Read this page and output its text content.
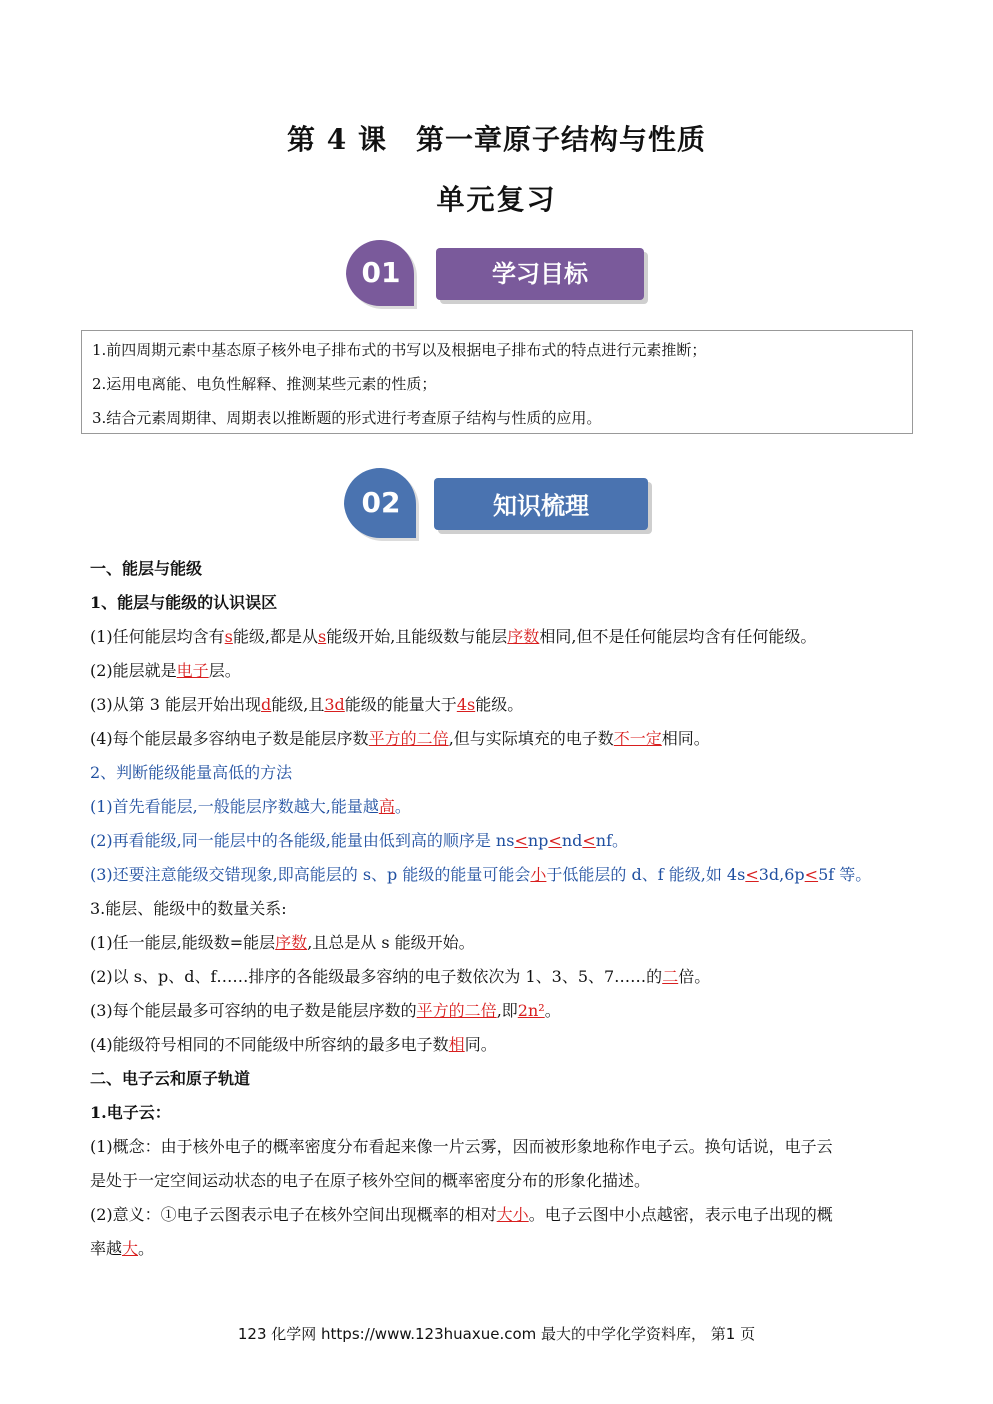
第 4 课　第一章原子结构与性质
单元复习
01	学习目标
1.前四周期元素中基态原子核外电子排布式的书写以及根据电子排布式的特点进行元素推断；
2.运用电离能、电负性解释、推测某些元素的性质；
3.结合元素周期律、周期表以推断题的形式进行考查原子结构与性质的应用。
02	知识梳理
一、能层与能级
1、能层与能级的认识误区
(1)任何能层均含有s能级,都是从s能级开始,且能级数与能层序数相同,但不是任何能层均含有任何能级。
(2)能层就是电子层。
(3)从第 3 能层开始出现d能级,且3d能级的能量大于4s能级。
(4)每个能层最多容纳电子数是能层序数平方的二倍,但与实际填充的电子数不一定相同。
2、判断能级能量高低的方法
(1)首先看能层,一般能层序数越大,能量越高。
(2)再看能级,同一能层中的各能级,能量由低到高的顺序是 ns<np<nd<nf。
(3)还要注意能级交错现象,即高能层的 s、p 能级的能量可能会小于低能层的 d、f 能级,如 4s<3d,6p<5f 等。
3.能层、能级中的数量关系:
(1)任一能层,能级数=能层序数,且总是从 s 能级开始。
(2)以 s、p、d、f……排序的各能级最多容纳的电子数依次为 1、3、5、7……的二倍。
(3)每个能层最多可容纳的电子数是能层序数的平方的二倍,即2n²。
(4)能级符号相同的不同能级中所容纳的最多电子数相同。
二、电子云和原子轨道
1.电子云：
(1)概念：由于核外电子的概率密度分布看起来像一片云雾，因而被形象地称作电子云。换句话说，电子云
是处于一定空间运动状态的电子在原子核外空间的概率密度分布的形象化描述。
(2)意义：①电子云图表示电子在核外空间出现概率的相对大小。电子云图中小点越密，表示电子出现的概
率越大。
123 化学网 https://www.123huaxue.com 最大的中学化学资料库， 第1 页
